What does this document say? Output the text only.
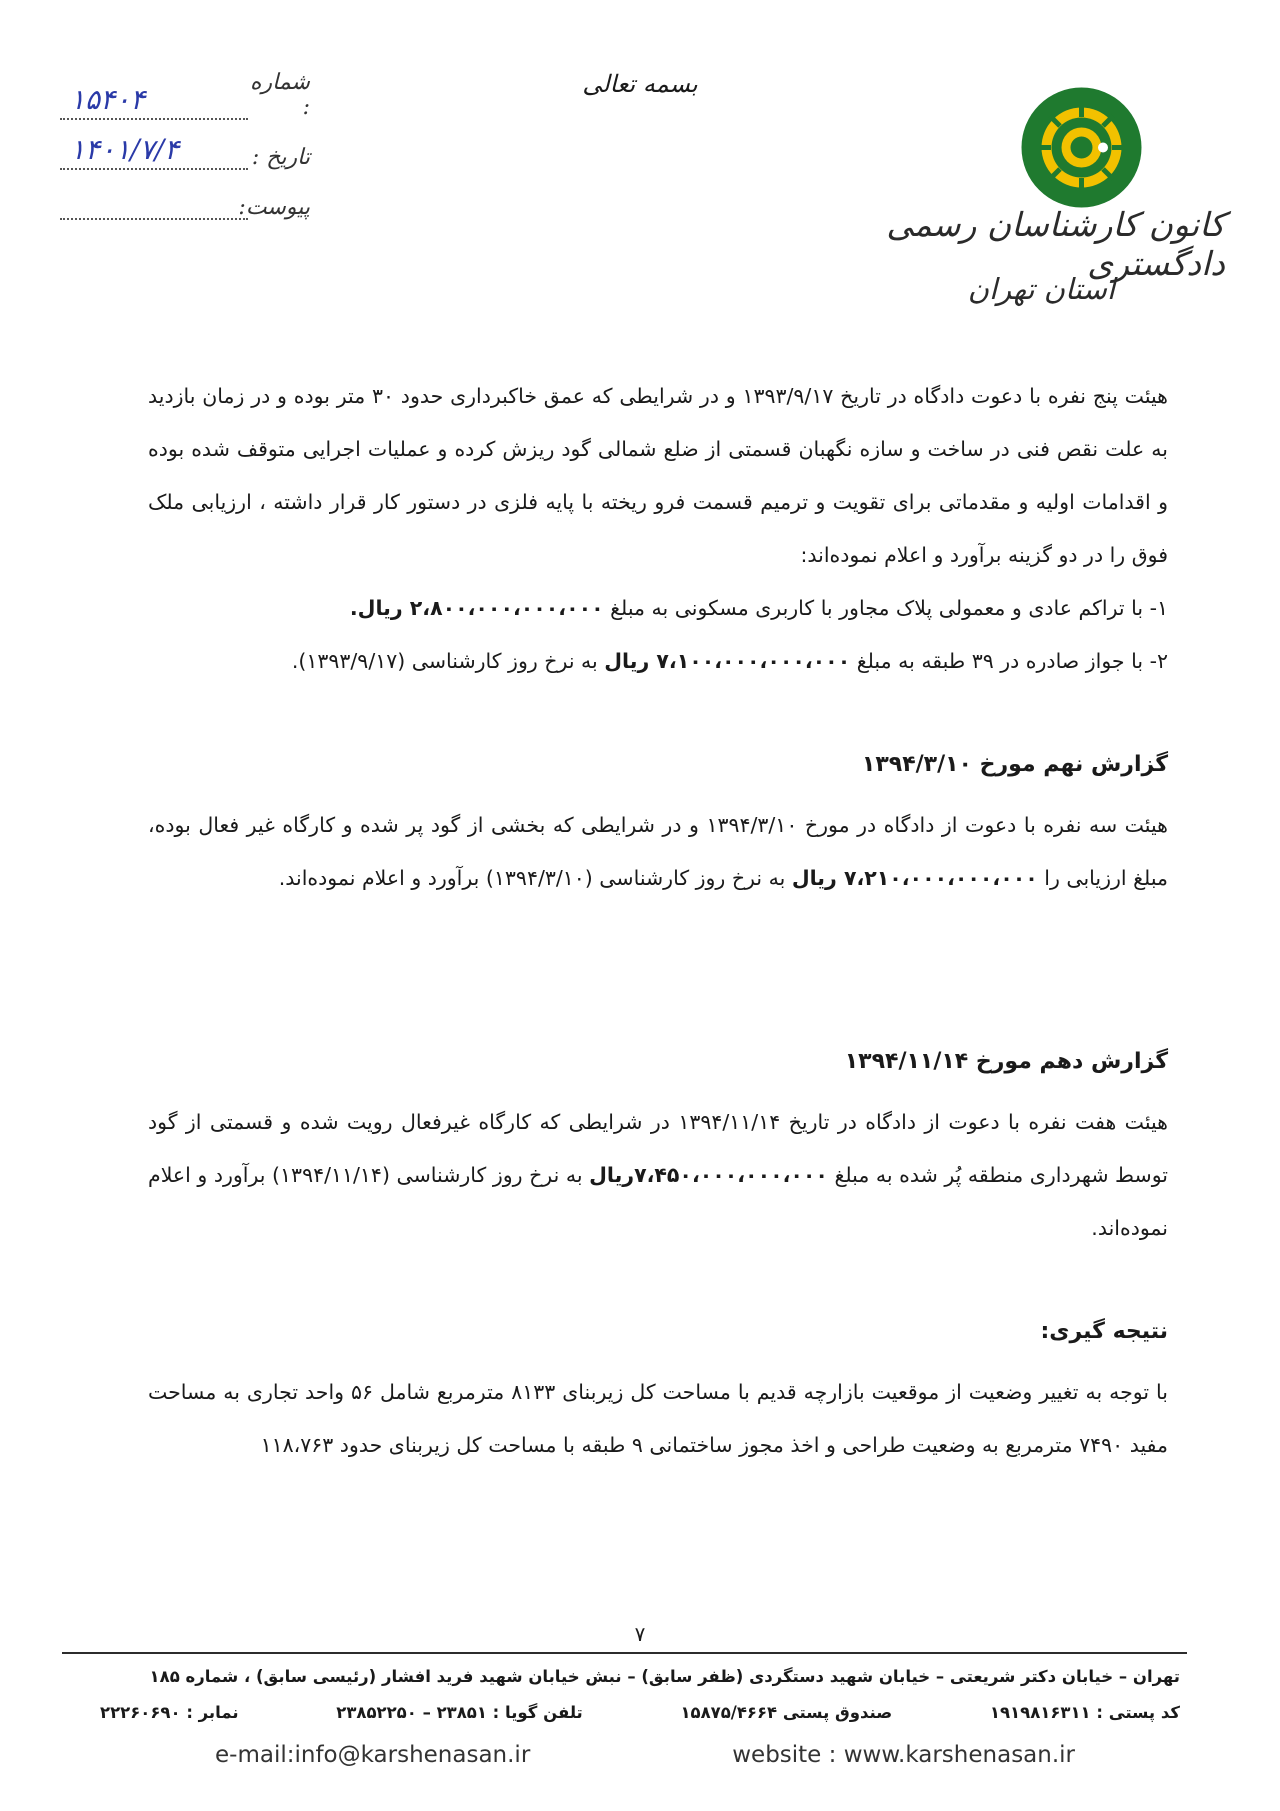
کانون کارشناسان رسمی دادگستری
استان تهران
بسمه تعالی
شماره :
۱۵۴۰۴
تاریخ :
۱۴۰۱/۷/۴
پیوست:

هیئت پنج نفره با دعوت دادگاه در تاریخ ۱۳۹۳/۹/۱۷ و در شرایطی که عمق خاکبرداری حدود ۳۰ متر بوده و در زمان بازدید به علت نقص فنی در ساخت و سازه نگهبان قسمتی از ضلع شمالی گود ریزش کرده و عملیات اجرایی متوقف شده بوده و اقدامات اولیه و مقدماتی برای تقویت و ترمیم قسمت فرو ریخته با پایه فلزی در دستور کار قرار داشته ، ارزیابی ملک فوق را در دو گزینه برآورد و اعلام نموده‌اند:

۱- با تراکم عادی و معمولی پلاک مجاور با کاربری مسکونی به مبلغ ۲،۸۰۰،۰۰۰،۰۰۰،۰۰۰ ریال.

۲- با جواز صادره در ۳۹ طبقه به مبلغ ۷،۱۰۰،۰۰۰،۰۰۰،۰۰۰ ریال به نرخ روز کارشناسی (۱۳۹۳/۹/۱۷).

گزارش نهم مورخ ۱۳۹۴/۳/۱۰

هیئت سه نفره با دعوت از دادگاه در مورخ ۱۳۹۴/۳/۱۰ و در شرایطی که بخشی از گود پر شده و کارگاه غیر فعال بوده، مبلغ ارزیابی را ۷،۲۱۰،۰۰۰،۰۰۰،۰۰۰ ریال به نرخ روز کارشناسی (۱۳۹۴/۳/۱۰) برآورد و اعلام نموده‌اند.

گزارش دهم مورخ ۱۳۹۴/۱۱/۱۴

هیئت هفت نفره با دعوت از دادگاه در تاریخ ۱۳۹۴/۱۱/۱۴ در شرایطی که کارگاه غیرفعال رویت شده و قسمتی از گود توسط شهرداری منطقه پُر شده به مبلغ ۷،۴۵۰،۰۰۰،۰۰۰،۰۰۰ریال به نرخ روز کارشناسی (۱۳۹۴/۱۱/۱۴) برآورد و اعلام نموده‌اند.

نتیجه گیری:

با توجه به تغییر وضعیت از موقعیت بازارچه قدیم با مساحت کل زیربنای ۸۱۳۳ مترمربع شامل ۵۶ واحد تجاری به مساحت مفید ۷۴۹۰ مترمربع به وضعیت طراحی و اخذ مجوز ساختمانی ۹ طبقه با مساحت کل زیربنای حدود ۱۱۸،۷۶۳

۷
تهران – خیابان دکتر شریعتی – خیابان شهید دستگردی (ظفر سابق) – نبش خیابان شهید فرید افشار (رئیسی سابق) ، شماره ۱۸۵
کد پستی : ۱۹۱۹۸۱۶۳۱۱
صندوق پستی ۱۵۸۷۵/۴۶۶۴
تلفن گویا : ۲۳۸۵۱ – ۲۳۸۵۲۲۵۰
نمابر : ۲۲۲۶۰۶۹۰
e-mail:info@karshenasan.ir	website : www.karshenasan.ir
